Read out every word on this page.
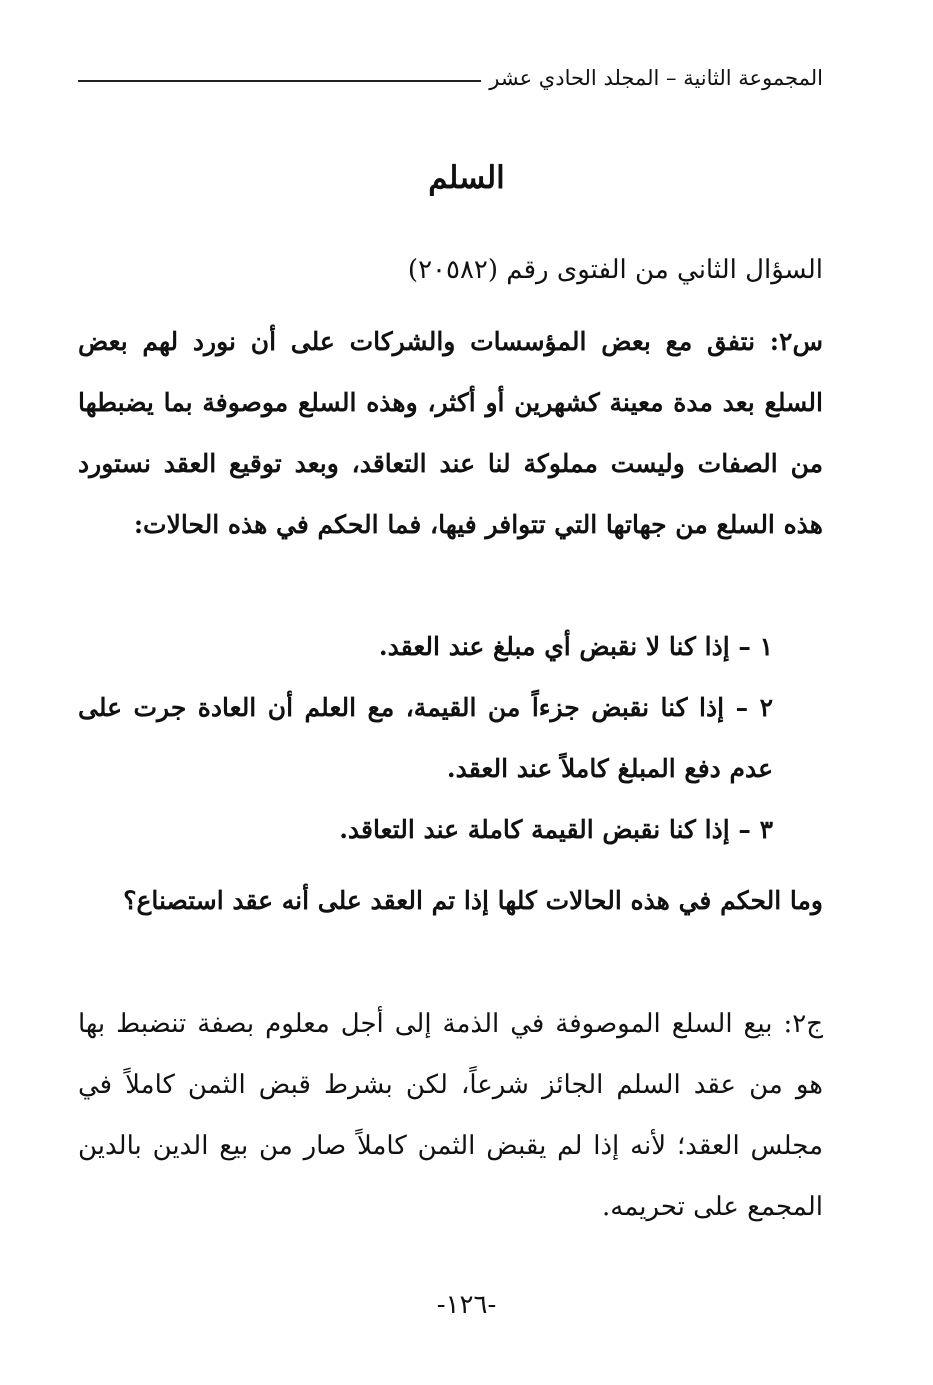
المجموعة الثانية – المجلد الحادي عشر
السلم
السؤال الثاني من الفتوى رقم (٢٠٥٨٢)
س٢: نتفق مع بعض المؤسسات والشركات على أن نورد لهم بعض السلع بعد مدة معينة كشهرين أو أكثر، وهذه السلع موصوفة بما يضبطها من الصفات وليست مملوكة لنا عند التعاقد، وبعد توقيع العقد نستورد هذه السلع من جهاتها التي تتوافر فيها، فما الحكم في هذه الحالات:
١ – إذا كنا لا نقبض أي مبلغ عند العقد.
٢ – إذا كنا نقبض جزءاً من القيمة، مع العلم أن العادة جرت على عدم دفع المبلغ كاملاً عند العقد.
٣ – إذا كنا نقبض القيمة كاملة عند التعاقد.
وما الحكم في هذه الحالات كلها إذا تم العقد على أنه عقد استصناع؟
ج٢: بيع السلع الموصوفة في الذمة إلى أجل معلوم بصفة تنضبط بها هو من عقد السلم الجائز شرعاً، لكن بشرط قبض الثمن كاملاً في مجلس العقد؛ لأنه إذا لم يقبض الثمن كاملاً صار من بيع الدين بالدين المجمع على تحريمه.
-١٢٦-
